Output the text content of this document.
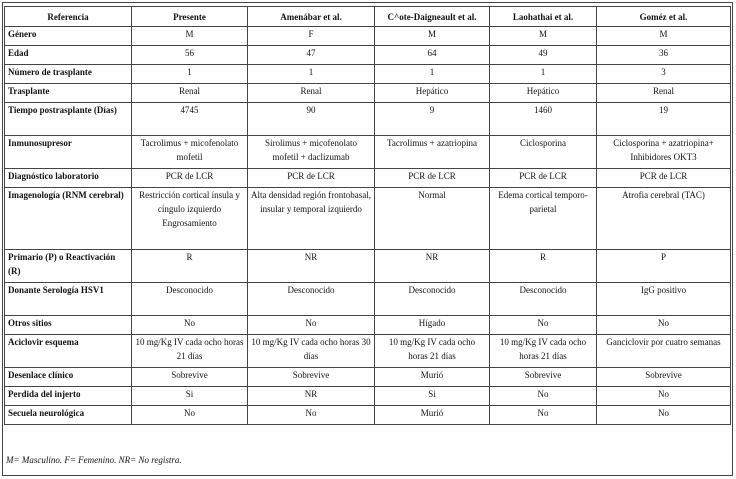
Referencia	Presente	Amenábar et al.	C^ote-Daigneault et al.	Laohathai et al.	Goméz et al.
Género	M	F	M	M	M
Edad	56	47	64	49	36
Número de trasplante	1	1	1	1	3
Trasplante	Renal	Renal	Hepático	Hepático	Renal
Tiempo postrasplante (Días)	4745	90	9	1460	19
Inmunosupresor	Tacrolimus + micofenolato mofetil	Sirolimus + micofenolato mofetil + daclizumab	Tacrolimus + azatriopina	Ciclosporina	Ciclosporina + azatriopina+ Inhibidores OKT3
Diagnóstico laboratorio	PCR de LCR	PCR de LCR	PCR de LCR	PCR de LCR	PCR de LCR
Imagenología (RNM cerebral)	Restricción cortical ínsula y cíngulo izquierdo Engrosamiento	Alta densidad región frontobasal, insular y temporal izquierdo	Normal	Edema cortical temporo-parietal	Atrofia cerebral (TAC)
Primario (P) o Reactivación (R)	R	NR	NR	R	P
Donante Serología HSV1	Desconocido	Desconocido	Desconocido	Desconocido	IgG positivo
Otros sitios	No	No	Hígado	No	No
Aciclovir esquema	10 mg/Kg IV cada ocho horas 21 días	10 mg/Kg IV cada ocho horas 30 días	10 mg/Kg IV cada ocho horas 21 días	10 mg/Kg IV cada ocho horas 21 días	Ganciclovir por cuatro semanas
Desenlace clínico	Sobrevive	Sobrevive	Murió	Sobrevive	Sobrevive
Perdida del injerto	Si	NR	Si	No	No
Secuela neurológica	No	No	Murió	No	No
M= Masculino. F= Femenino. NR= No registra.
